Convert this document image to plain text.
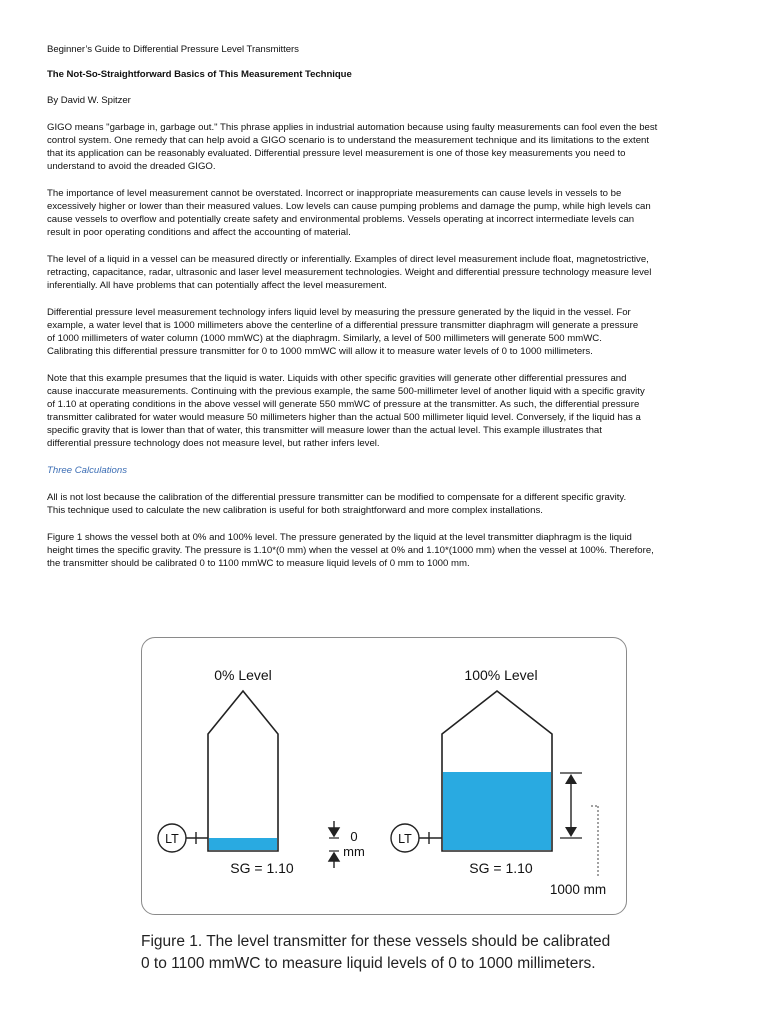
Beginner’s Guide to Differential Pressure Level Transmitters

The Not-So-Straightforward Basics of This Measurement Technique

By David W. Spitzer

GIGO means "garbage in, garbage out." This phrase applies in industrial automation because using faulty measurements can fool even the best

control system. One remedy that can help avoid a GIGO scenario is to understand the measurement technique and its limitations to the extent

that its application can be reasonably evaluated. Differential pressure level measurement is one of those key measurements you need to

understand to avoid the dreaded GIGO.

The importance of level measurement cannot be overstated. Incorrect or inappropriate measurements can cause levels in vessels to be

excessively higher or lower than their measured values. Low levels can cause pumping problems and damage the pump, while high levels can

cause vessels to overflow and potentially create safety and environmental problems. Vessels operating at incorrect intermediate levels can

result in poor operating conditions and affect the accounting of material.

The level of a liquid in a vessel can be measured directly or inferentially. Examples of direct level measurement include float, magnetostrictive,

retracting, capacitance, radar, ultrasonic and laser level measurement technologies. Weight and differential pressure technology measure level

inferentially. All have problems that can potentially affect the level measurement.

Differential pressure level measurement technology infers liquid level by measuring the pressure generated by the liquid in the vessel. For

example, a water level that is 1000 millimeters above the centerline of a differential pressure transmitter diaphragm will generate a pressure

of 1000 millimeters of water column (1000 mmWC) at the diaphragm. Similarly, a level of 500 millimeters will generate 500 mmWC.

Calibrating this differential pressure transmitter for 0 to 1000 mmWC will allow it to measure water levels of 0 to 1000 millimeters.

Note that this example presumes that the liquid is water. Liquids with other specific gravities will generate other differential pressures and

cause inaccurate measurements. Continuing with the previous example, the same 500-millimeter level of another liquid with a specific gravity

of 1.10 at operating conditions in the above vessel will generate 550 mmWC of pressure at the transmitter. As such, the differential pressure

transmitter calibrated for water would measure 50 millimeters higher than the actual 500 millimeter liquid level. Conversely, if the liquid has a

specific gravity that is lower than that of water, this transmitter will measure lower than the actual level. This example illustrates that

differential pressure technology does not measure level, but rather infers level.

Three Calculations

All is not lost because the calibration of the differential pressure transmitter can be modified to compensate for a different specific gravity.

This technique used to calculate the new calibration is useful for both straightforward and more complex installations.

Figure 1 shows the vessel both at 0% and 100% level. The pressure generated by the liquid at the level transmitter diaphragm is the liquid

height times the specific gravity. The pressure is 1.10*(0 mm) when the vessel at 0% and 1.10*(1000 mm) when the vessel at 100%. Therefore,

the transmitter should be calibrated 0 to 1100 mmWC to measure liquid levels of 0 mm to 1000 mm.

0% Level
LT
SG = 1.10
0
mm
100% Level
LT
SG = 1.10
1000 mm

Figure 1. The level transmitter for these vessels should be calibrated

0 to 1100 mmWC to measure liquid levels of 0 to 1000 millimeters.
